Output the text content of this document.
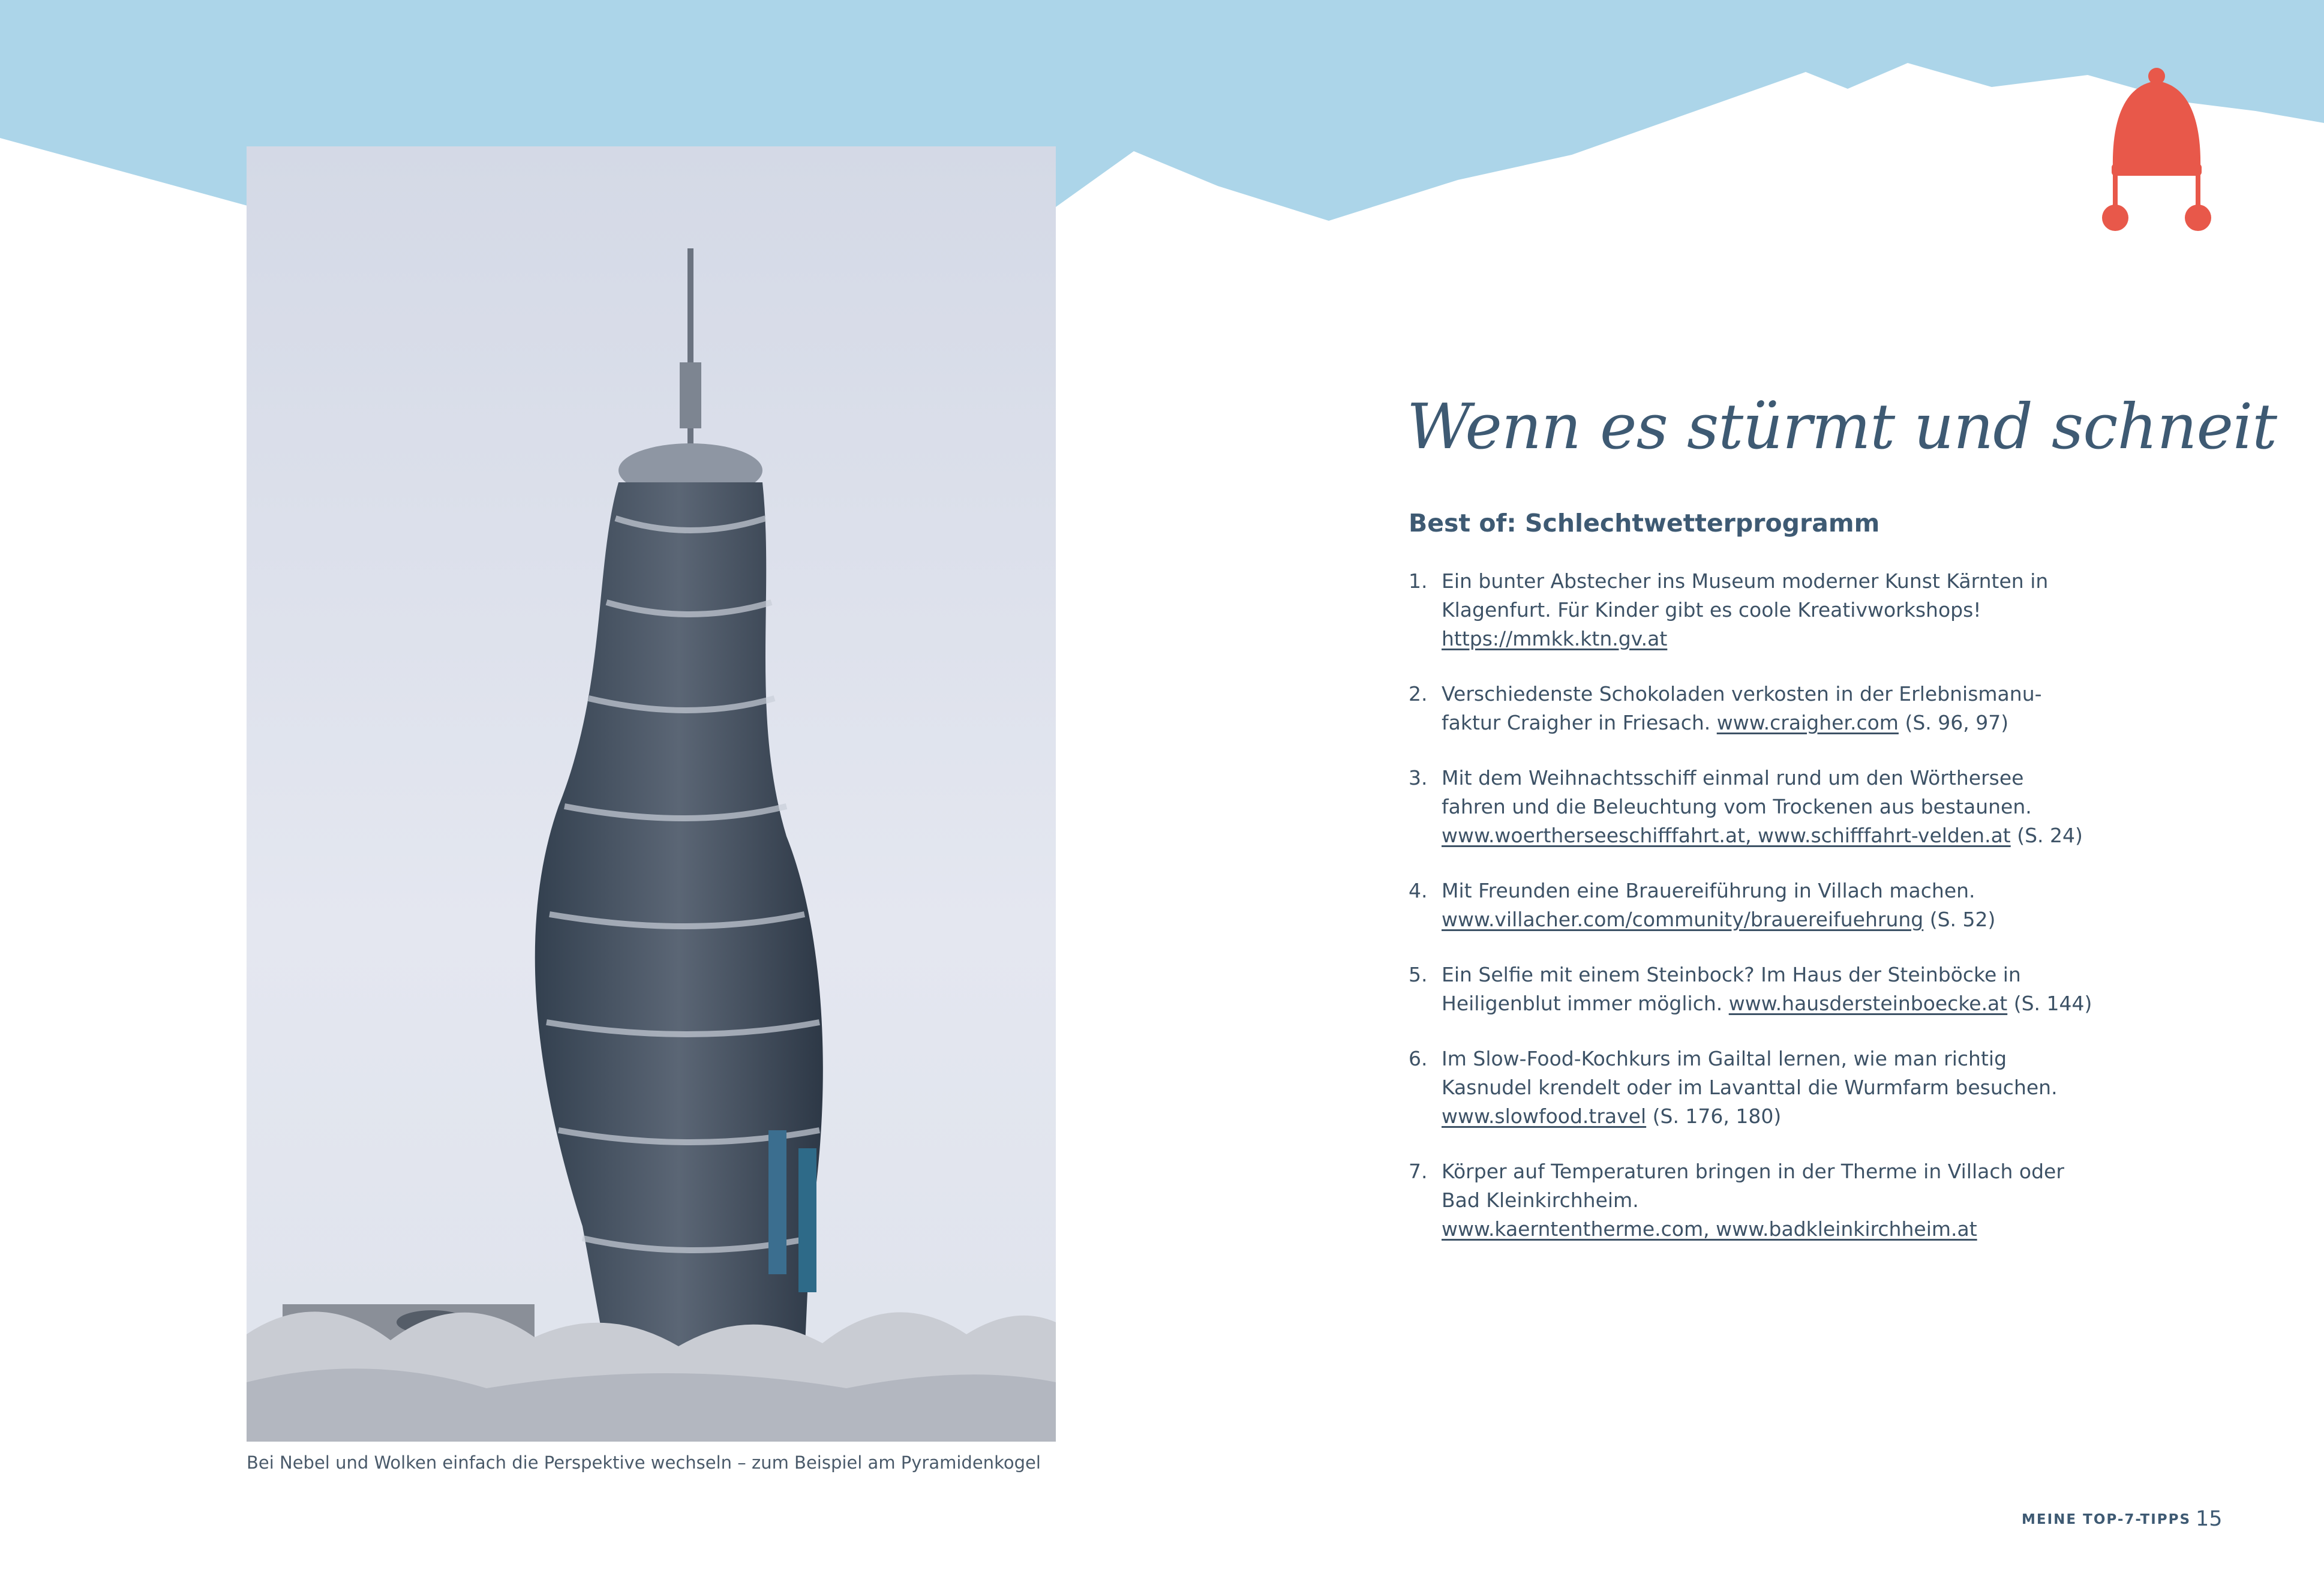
Bei Nebel und Wolken einfach die Perspektive wechseln – zum Beispiel am Pyramidenkogel
Wenn es stürmt und schneit
Best of: Schlechtwetterprogramm
1. Ein bunter Abstecher ins Museum moderner Kunst Kärnten in
Klagenfurt. Für Kinder gibt es coole Kreativworkshops!
https://mmkk.ktn.gv.at
2. Verschiedenste Schokoladen verkosten in der Erlebnismanu-
faktur Craigher in Friesach. www.craigher.com (S. 96, 97)
3. Mit dem Weihnachtsschiff einmal rund um den Wörthersee
fahren und die Beleuchtung vom Trockenen aus bestaunen.
www.woertherseeschifffahrt.at, www.schifffahrt-velden.at (S. 24)
4. Mit Freunden eine Brauereiführung in Villach machen.
www.villacher.com/community/brauereifuehrung (S. 52)
5. Ein Selfie mit einem Steinbock? Im Haus der Steinböcke in
Heiligenblut immer möglich. www.hausdersteinboecke.at (S. 144)
6. Im Slow-Food-Kochkurs im Gailtal lernen, wie man richtig
Kasnudel krendelt oder im Lavanttal die Wurmfarm besuchen.
www.slowfood.travel (S. 176, 180)
7. Körper auf Temperaturen bringen in der Therme in Villach oder
Bad Kleinkirchheim.
www.kaerntentherme.com, www.badkleinkirchheim.at
MEINE TOP-7-TIPPS 15
